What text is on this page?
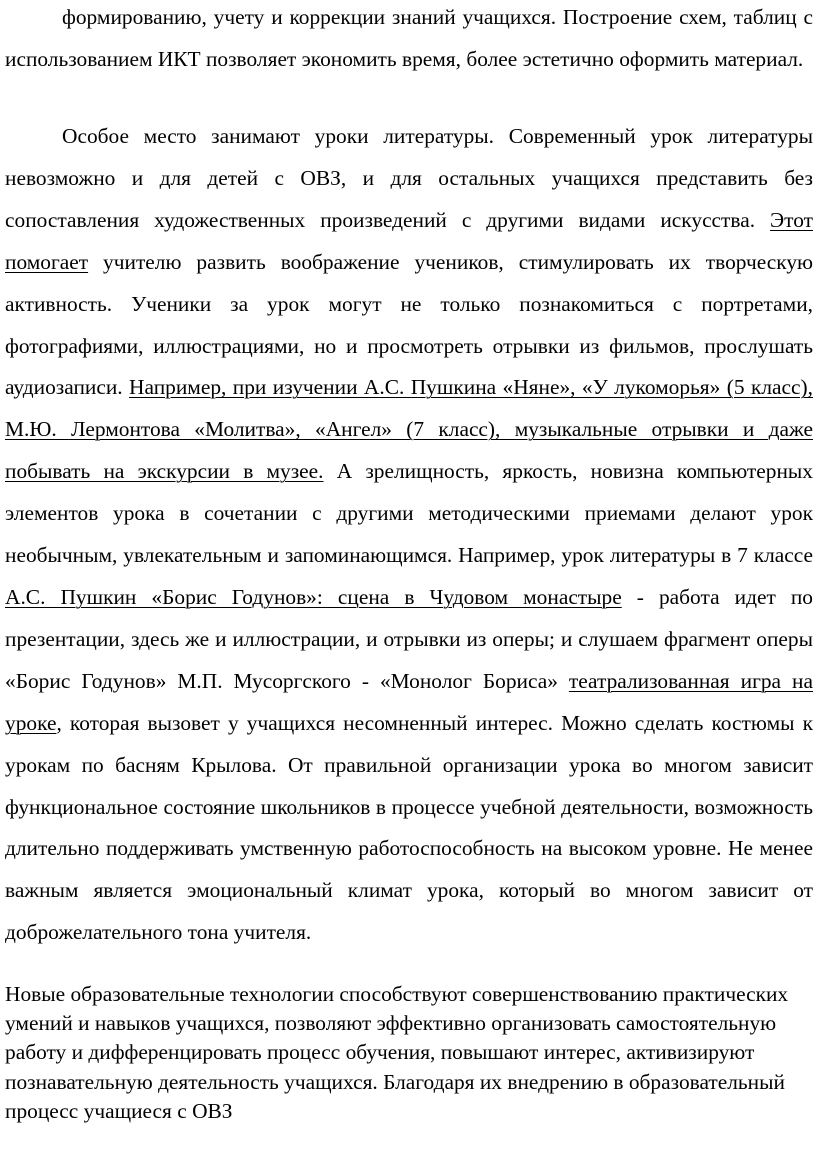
формированию, учету и коррекции знаний учащихся. Построение схем, таблиц с использованием ИКТ позволяет экономить время, более эстетично оформить материал.

Особое место занимают уроки литературы. Современный урок литературы невозможно и для детей с ОВЗ, и для остальных учащихся представить без сопоставления художественных произведений с другими видами искусства. Этот помогает учителю развить воображение учеников, стимулировать их творческую активность. Ученики за урок могут не только познакомиться с портретами, фотографиями, иллюстрациями, но и просмотреть отрывки из фильмов, прослушать аудиозаписи. Например, при изучении А.С. Пушкина «Няне», «У лукоморья» (5 класс), М.Ю. Лермонтова «Молитва», «Ангел» (7 класс), музыкальные отрывки и даже побывать на экскурсии в музее. А зрелищность, яркость, новизна компьютерных элементов урока в сочетании с другими методическими приемами делают урок необычным, увлекательным и запоминающимся. Например, урок литературы в 7 классе А.С. Пушкин «Борис Годунов»: сцена в Чудовом монастыре - работа идет по презентации, здесь же и иллюстрации, и отрывки из оперы; и слушаем фрагмент оперы «Борис Годунов» М.П. Мусоргского - «Монолог Бориса» театрализованная игра на уроке, которая вызовет у учащихся несомненный интерес. Можно сделать костюмы к урокам по басням Крылова. От правильной организации урока во многом зависит функциональное состояние школьников в процессе учебной деятельности, возможность длительно поддерживать умственную работоспособность на высоком уровне. Не менее важным является эмоциональный климат урока, который во многом зависит от доброжелательного тона учителя.

Новые образовательные технологии способствуют совершенствованию практических умений и навыков учащихся, позволяют эффективно организовать самостоятельную работу и дифференцировать процесс обучения, повышают интерес, активизируют познавательную деятельность учащихся. Благодаря их внедрению в образовательный процесс учащиеся с ОВЗ
